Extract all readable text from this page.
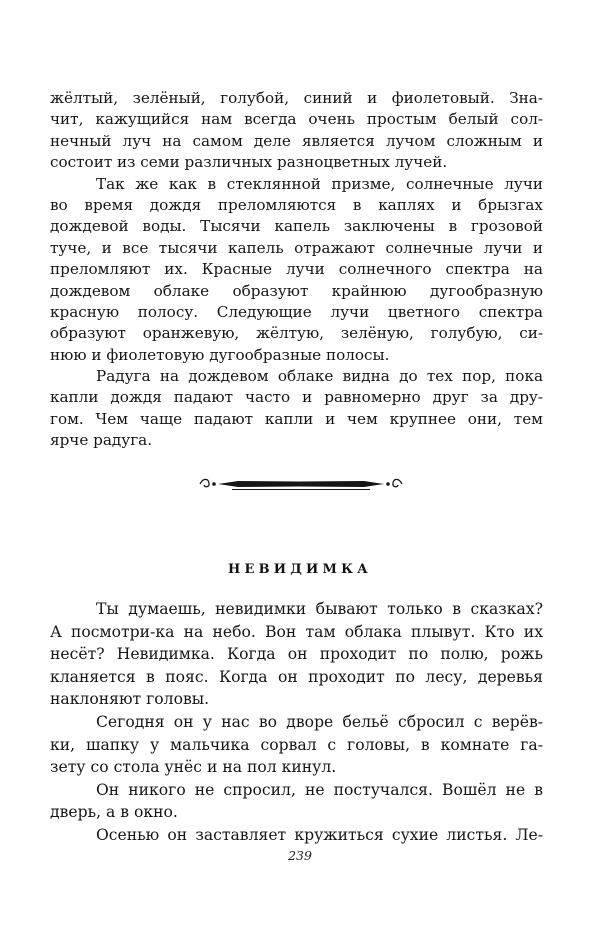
жёлтый, зелёный, голубой, синий и фиолетовый. Зна-
чит, кажущийся нам всегда очень простым белый сол-
нечный луч на самом деле является лучом сложным и
состоит из семи различных разноцветных лучей.
Так же как в стеклянной призме, солнечные лучи
во время дождя преломляются в каплях и брызгах
дождевой воды. Тысячи капель заключены в грозовой
туче, и все тысячи капель отражают солнечные лучи и
преломляют их. Красные лучи солнечного спектра на
дождевом облаке образуют крайнюю дугообразную
красную полосу. Следующие лучи цветного спектра
образуют оранжевую, жёлтую, зелёную, голубую, си-
нюю и фиолетовую дугообразные полосы.
Радуга на дождевом облаке видна до тех пор, пока
капли дождя падают часто и равномерно друг за дру-
гом. Чем чаще падают капли и чем крупнее они, тем
ярче радуга.
НЕВИДИМКА
Ты думаешь, невидимки бывают только в сказках?
А посмотри-ка на небо. Вон там облака плывут. Кто их
несёт? Невидимка. Когда он проходит по полю, рожь
кланяется в пояс. Когда он проходит по лесу, деревья
наклоняют головы.
Сегодня он у нас во дворе бельё сбросил с верёв-
ки, шапку у мальчика сорвал с головы, в комнате га-
зету со стола унёс и на пол кинул.
Он никого не спросил, не постучался. Вошёл не в
дверь, а в окно.
Осенью он заставляет кружиться сухие листья. Ле-
239
